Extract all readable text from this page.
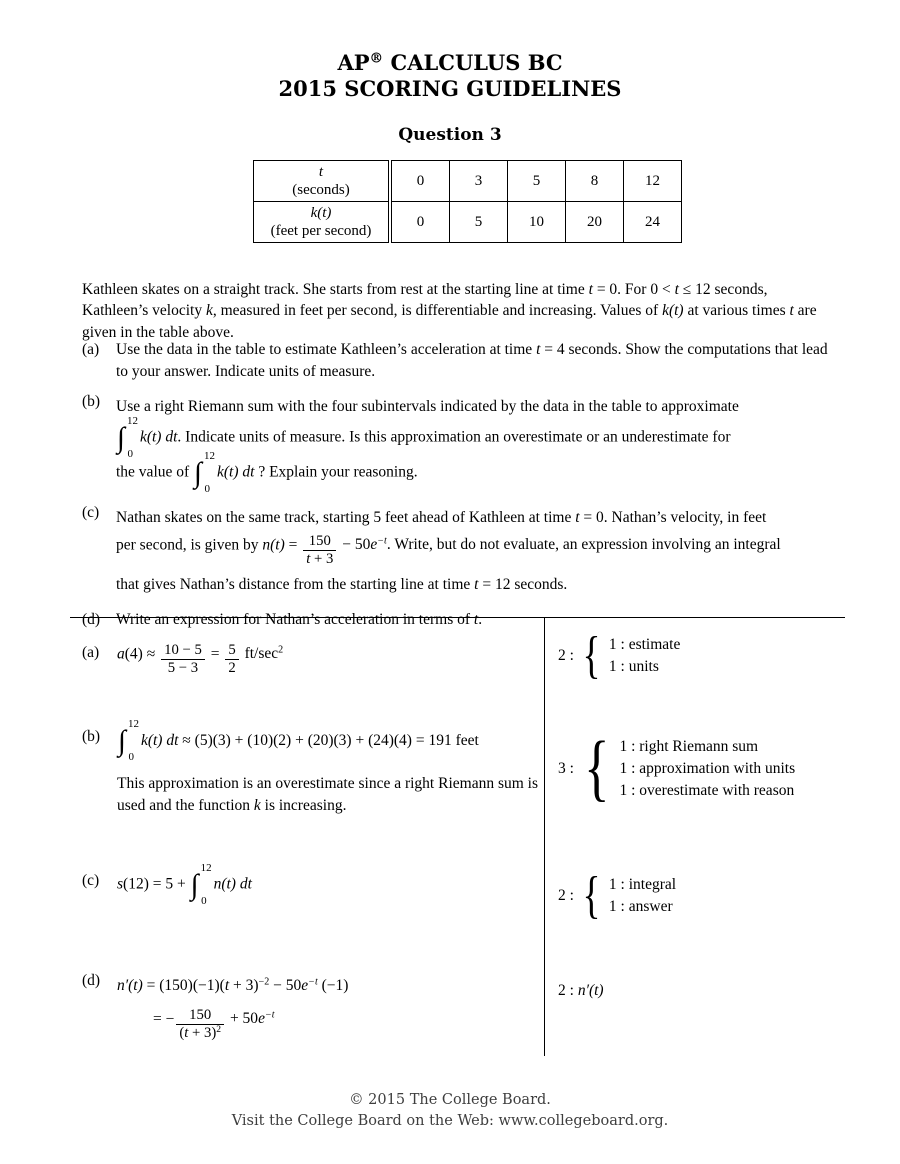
AP® CALCULUS BC
2015 SCORING GUIDELINES
Question 3
t
(seconds)	0	3	5	8	12

k(t)
(feet per second)	0	5	10	20	24

Kathleen skates on a straight track. She starts from rest at the starting line at time t = 0. For 0 < t ≤ 12 seconds, Kathleen’s velocity k, measured in feet per second, is differentiable and increasing. Values of k(t) at various times t are given in the table above.

(a)	Use the data in the table to estimate Kathleen’s acceleration at time t = 4 seconds. Show the computations that lead to your answer. Indicate units of measure.
(b)	Use a right Riemann sum with the four subintervals indicated by the data in the table to approximate
∫
12
0
k(t) dt. Indicate units of measure. Is this approximation an overestimate or an underestimate for
the value of ∫
12
0
k(t) dt ? Explain your reasoning.
(c)	Nathan skates on the same track, starting 5 feet ahead of Kathleen at time t = 0. Nathan’s velocity, in feet
per second, is given by $n(t) = \frac{150}{t + 3} - 50e^{-t}$. Write, but do not evaluate, an expression involving an integral
that gives Nathan’s distance from the starting line at time t = 12 seconds.
(d)	Write an expression for Nathan’s acceleration in terms of t.
(a)	$a(4) \approx \frac{10 - 5}{5 - 3} = \frac{5}{2} ft/\sec^2$	2 : { 1 : estimate
1 : units
(b) ∫
12
0
k(t) dt ≈ (5)(3) + (10)(2) + (20)(3) + (24)(4) = 191 feet
This approximation is an overestimate since a right Riemann sum is used and the function k is increasing.
3 : { 1 : right Riemann sum
1 : approximation with units
1 : overestimate with reason
(c)	s(12) = 5 + ∫
12
0
n(t) dt
2 : { 1 : integral
1 : answer
(d)	$n'(t) = (150)(-1)(t + 3)^{-2} - 50e^{-t}$ (−1)
= − $\frac{150}{(t + 3)^2} + 50e^{-t}$
2 : n′(t)
© 2015 The College Board.
Visit the College Board on the Web: www.collegeboard.org.
